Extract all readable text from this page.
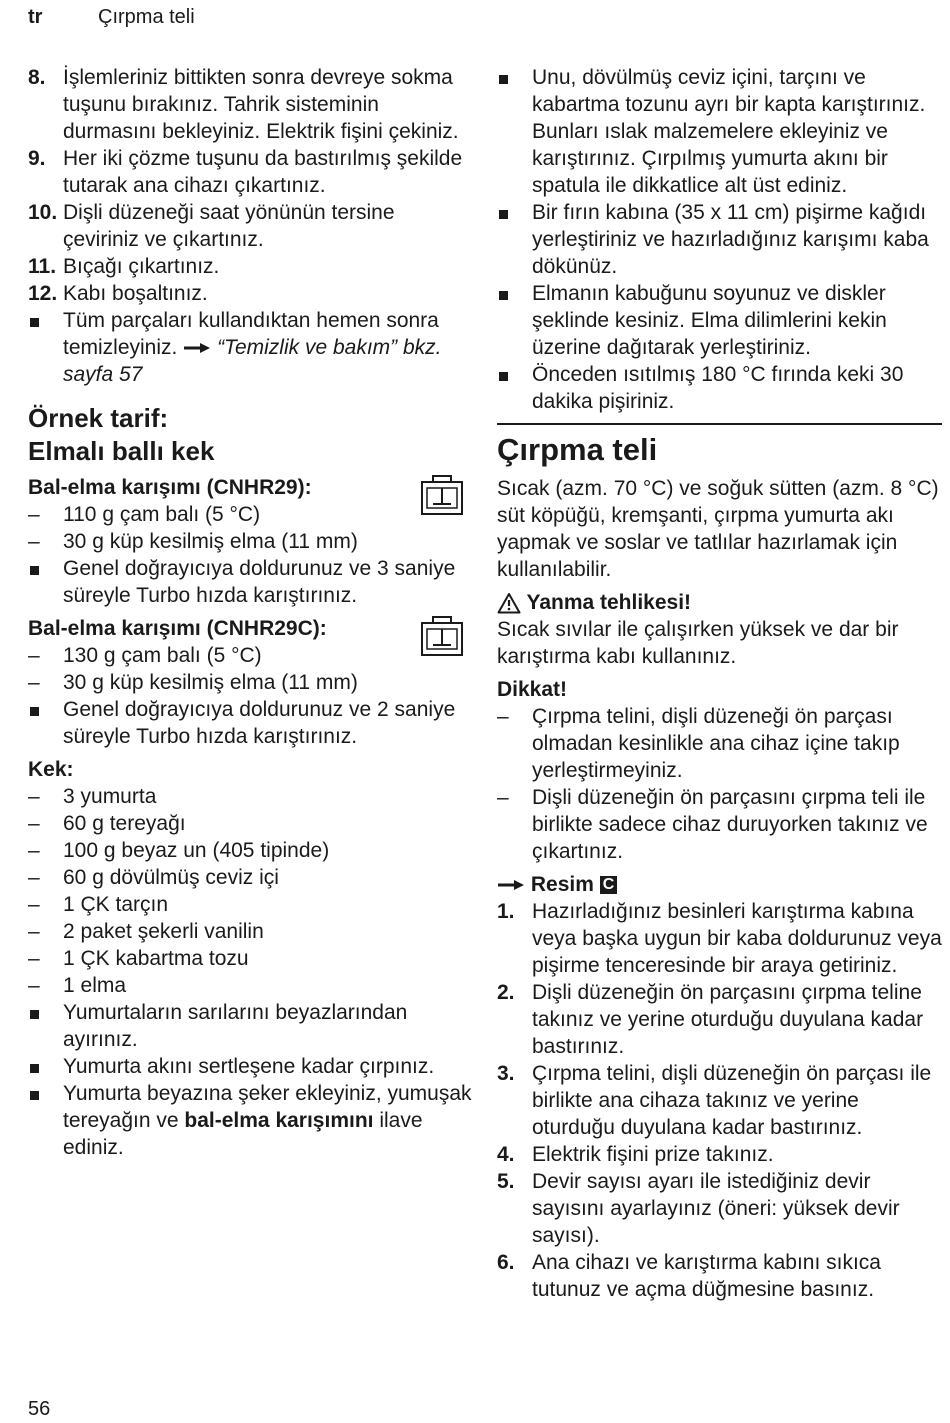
tr	Çırpma teli
8. İşlemleriniz bittikten sonra devreye sokma tuşunu bırakınız. Tahrik sisteminin durmasını bekleyiniz. Elektrik fişini çekiniz.
9. Her iki çözme tuşunu da bastırılmış şekilde tutarak ana cihazı çıkartınız.
10. Dişli düzeneği saat yönünün tersine çeviriniz ve çıkartınız.
11. Bıçağı çıkartınız.
12. Kabı boşaltınız.
Tüm parçaları kullandıktan hemen sonra temizleyiniz. “Temizlik ve bakım” bkz. sayfa 57
Örnek tarif:
Elmalı ballı kek
Bal-elma karışımı (CNHR29):
– 110 g çam balı (5 °C)
– 30 g küp kesilmiş elma (11 mm)
Genel doğrayıcıya doldurunuz ve 3 saniye süreyle Turbo hızda karıştırınız.
Bal-elma karışımı (CNHR29C):
– 130 g çam balı (5 °C)
– 30 g küp kesilmiş elma (11 mm)
Genel doğrayıcıya doldurunuz ve 2 saniye süreyle Turbo hızda karıştırınız.
Kek:
– 3 yumurta
– 60 g tereyağı
– 100 g beyaz un (405 tipinde)
– 60 g dövülmüş ceviz içi
– 1 ÇK tarçın
– 2 paket şekerli vanilin
– 1 ÇK kabartma tozu
– 1 elma
Yumurtaların sarılarını beyazlarından ayırınız.
Yumurta akını sertleşene kadar çırpınız.
Yumurta beyazına şeker ekleyiniz, yumuşak tereyağın ve bal-elma karışımını ilave ediniz.
Unu, dövülmüş ceviz içini, tarçını ve kabartma tozunu ayrı bir kapta karıştırınız. Bunları ıslak malzemelere ekleyiniz ve karıştırınız. Çırpılmış yumurta akını bir spatula ile dikkatlice alt üst ediniz.
Bir fırın kabına (35 x 11 cm) pişirme kağıdı yerleştiriniz ve hazırladığınız karışımı kaba dökünüz.
Elmanın kabuğunu soyunuz ve diskler şeklinde kesiniz. Elma dilimlerini kekin üzerine dağıtarak yerleştiriniz.
Önceden ısıtılmış 180 °C fırında keki 30 dakika pişiriniz.
Çırpma teli
Sıcak (azm. 70 °C) ve soğuk sütten (azm. 8 °C) süt köpüğü, kremşanti, çırpma yumurta akı yapmak ve soslar ve tatlılar hazırlamak için kullanılabilir.
Yanma tehlikesi!
Sıcak sıvılar ile çalışırken yüksek ve dar bir karıştırma kabı kullanınız.
Dikkat!
– Çırpma telini, dişli düzeneği ön parçası olmadan kesinlikle ana cihaz içine takıp yerleştirmeyiniz.
– Dişli düzeneğin ön parçasını çırpma teli ile birlikte sadece cihaz duruyorken takınız ve çıkartınız.
Resim C
1. Hazırladığınız besinleri karıştırma kabına veya başka uygun bir kaba doldurunuz veya pişirme tenceresinde bir araya getiriniz.
2. Dişli düzeneğin ön parçasını çırpma teline takınız ve yerine oturduğu duyulana kadar bastırınız.
3. Çırpma telini, dişli düzeneğin ön parçası ile birlikte ana cihaza takınız ve yerine oturduğu duyulana kadar bastırınız.
4. Elektrik fişini prize takınız.
5. Devir sayısı ayarı ile istediğiniz devir sayısını ayarlayınız (öneri: yüksek devir sayısı).
6. Ana cihazı ve karıştırma kabını sıkıca tutunuz ve açma düğmesine basınız.
56
